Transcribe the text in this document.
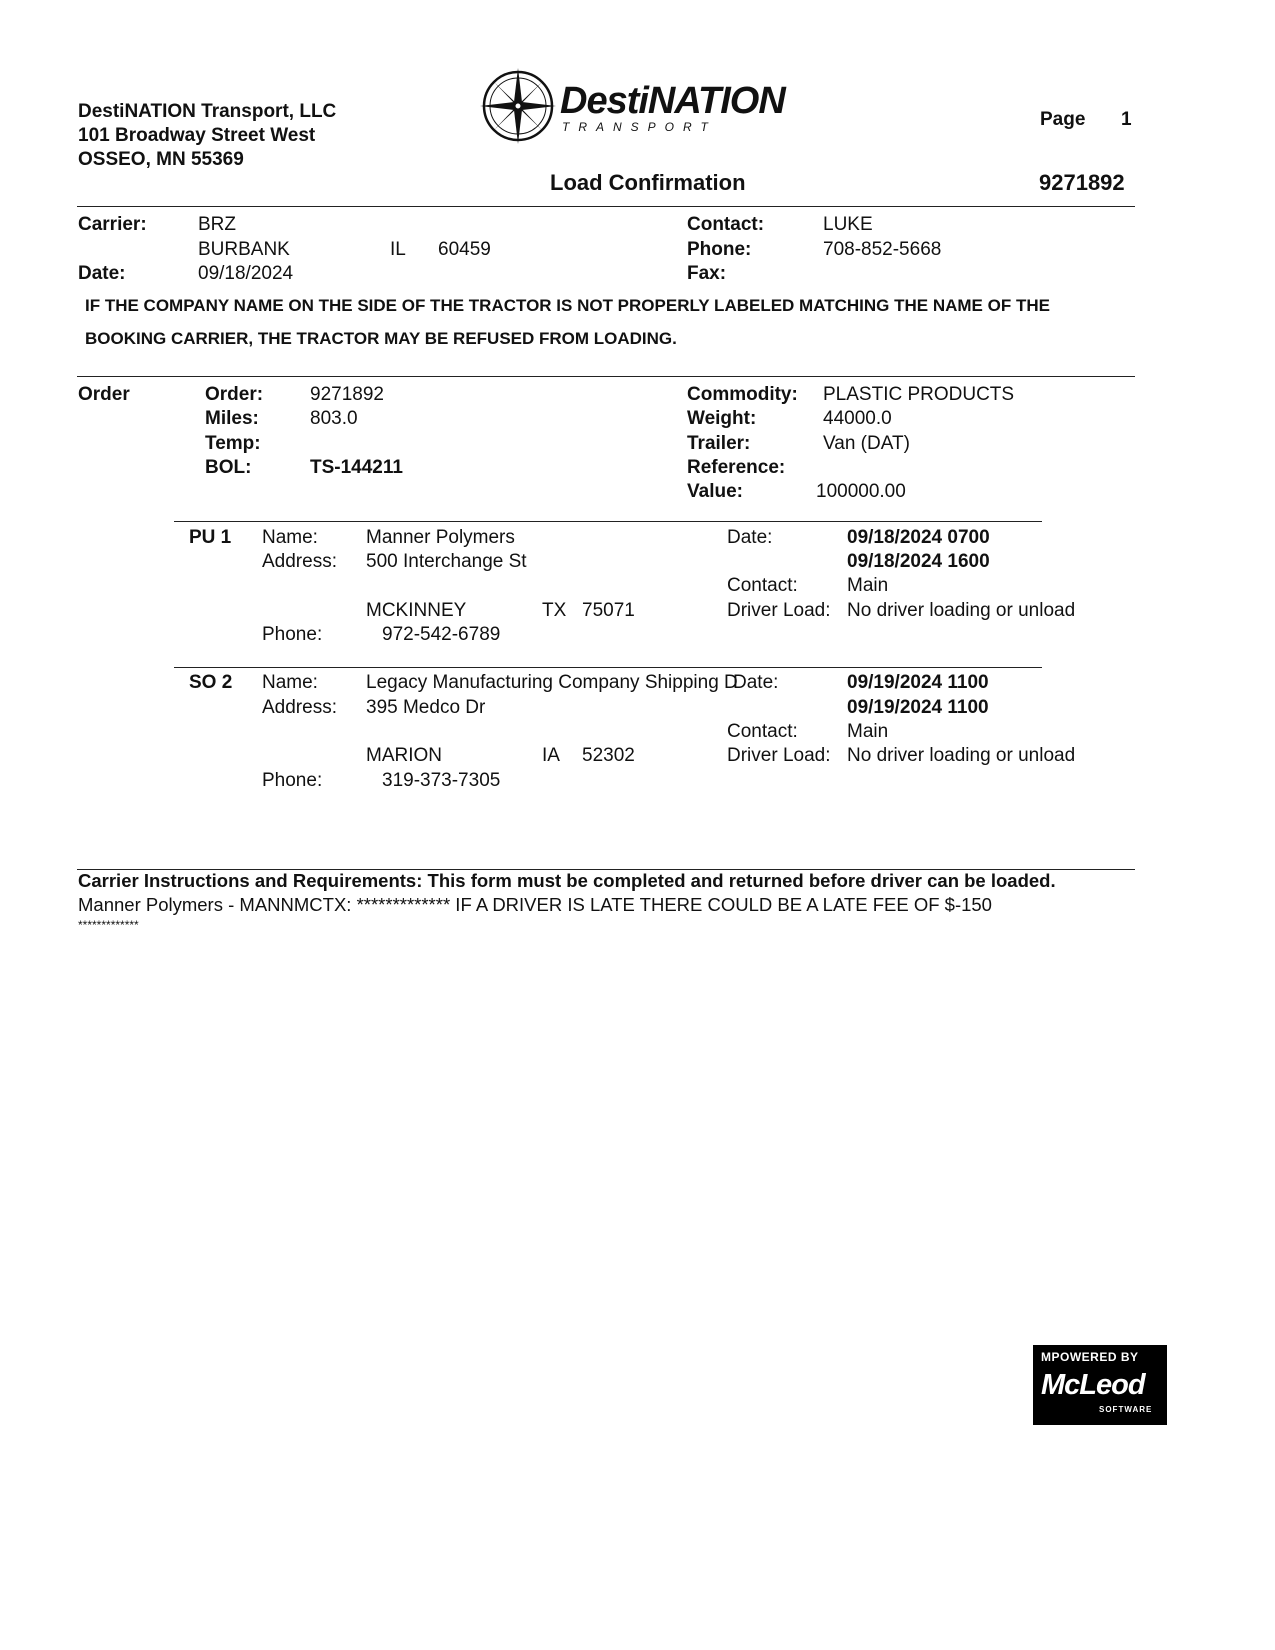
DestiNATION Transport, LLC
101 Broadway Street West
OSSEO, MN 55369
DestiNATION
TRANSPORT	Page 1
Load Confirmation	9271892
Carrier:	BRZ
BURBANK	IL 60459
Date:	09/18/2024
Contact:	LUKE
Phone:	708-852-5668
Fax:
IF THE COMPANY NAME ON THE SIDE OF THE TRACTOR IS NOT PROPERLY LABELED MATCHING THE NAME OF THE
BOOKING CARRIER, THE TRACTOR MAY BE REFUSED FROM LOADING.
Order	Order: 9271892
Miles:	803.0
Temp:
BOL:	TS-144211
Commodity: PLASTIC PRODUCTS
Weight:	44000.0
Trailer:	Van (DAT)
Reference:
Value:	100000.00
PU 1 Name:	Manner Polymers
Address: 500 Interchange St
MCKINNEY	TX 75071
Phone:	972-542-6789
Date:	09/18/2024 0700
09/18/2024 1600
Contact:	Main
Driver Load: No driver loading or unload
SO 2 Name:	Legacy Manufacturing Company Shipping D
Address: 395 Medco Dr
MARION	IA 52302
Phone:	319-373-7305
Date:	09/19/2024 1100
09/19/2024 1100
Contact:	Main
Driver Load: No driver loading or unload
Carrier Instructions and Requirements: This form must be completed and returned before driver can be loaded.
Manner Polymers - MANNMCTX: ************* IF A DRIVER IS LATE THERE COULD BE A LATE FEE OF $-150
*************
MPOWERED BY
McLeod
SOFTWARE
